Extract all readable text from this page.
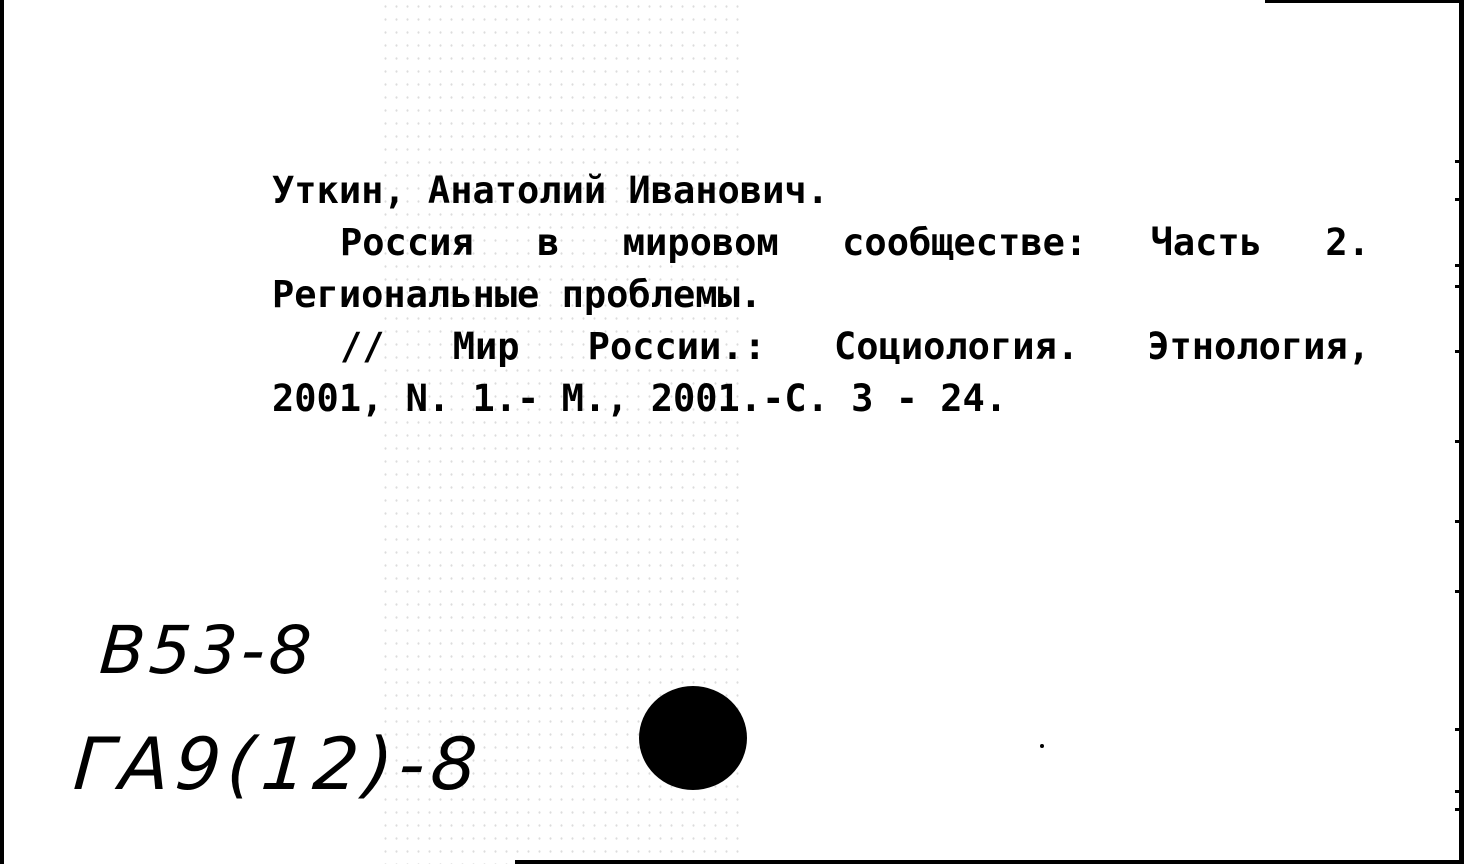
Уткин, Анатолий Иванович.
Россия в мировом сообществе: Часть 2.
Региональные проблемы.
// Мир России.: Социология. Этнология,
2001, N. 1.- М., 2001.-С. 3 - 24.
B53-8
ГА9(12)-8
